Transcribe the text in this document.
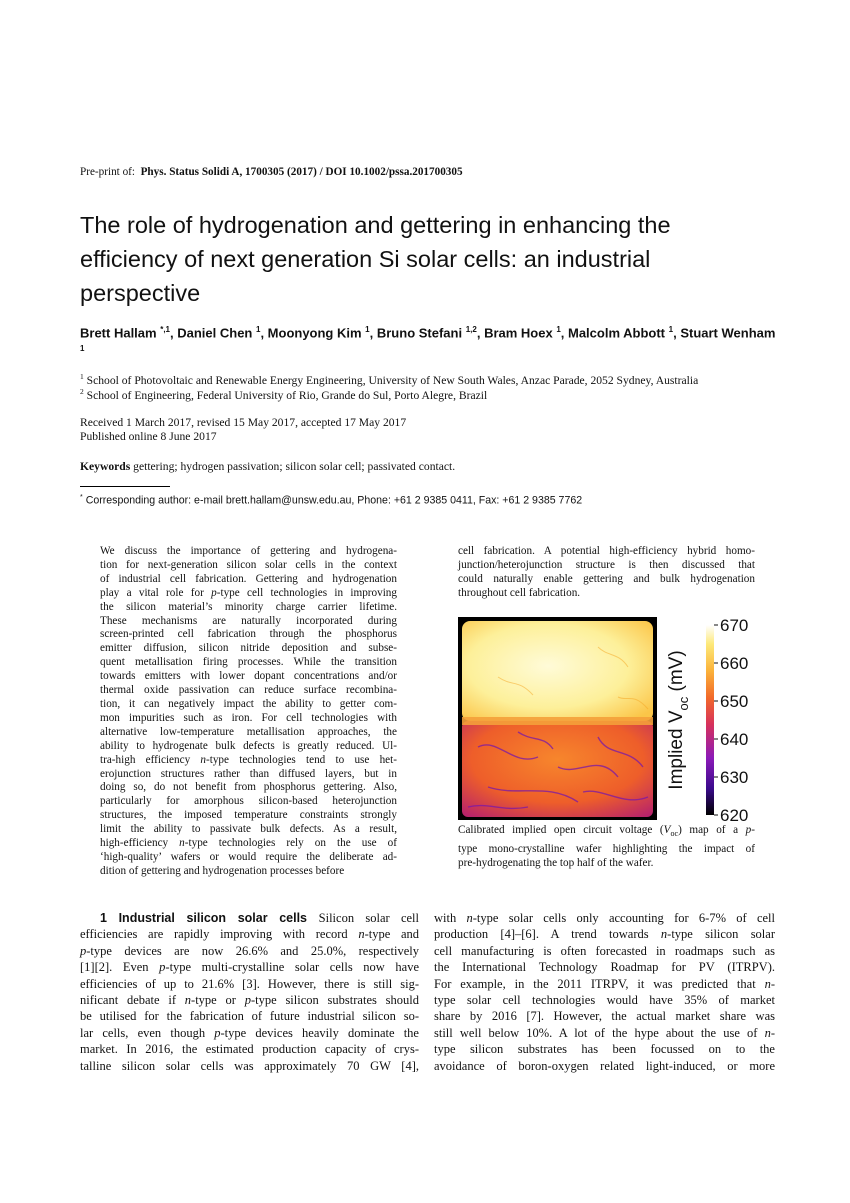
Pre-print of: Phys. Status Solidi A, 1700305 (2017) / DOI 10.1002/pssa.201700305
The role of hydrogenation and gettering in enhancing the efficiency of next generation Si solar cells: an industrial perspective
Brett Hallam $^{*,1}$, Daniel Chen $^1$, Moonyong Kim $^1$, Bruno Stefani $^{1,2}$, Bram Hoex $^1$, Malcolm Abbott $^1$, Stuart Wenham $^1$
$^1$ School of Photovoltaic and Renewable Energy Engineering, University of New South Wales, Anzac Parade, 2052 Sydney, Australia
$^2$ School of Engineering, Federal University of Rio, Grande do Sul, Porto Alegre, Brazil
Received 1 March 2017, revised 15 May 2017, accepted 17 May 2017
Published online 8 June 2017
Keywords gettering; hydrogen passivation; silicon solar cell; passivated contact.
* Corresponding author: e-mail brett.hallam@unsw.edu.au, Phone: +61 2 9385 0411, Fax: +61 2 9385 7762
We discuss the importance of gettering and hydrogena-
tion for next-generation silicon solar cells in the context
of industrial cell fabrication. Gettering and hydrogenation
play a vital role for p-type cell technologies in improving
the silicon material’s minority charge carrier lifetime.
These mechanisms are naturally incorporated during
screen-printed cell fabrication through the phosphorus
emitter diffusion, silicon nitride deposition and subse-
quent metallisation firing processes. While the transition
towards emitters with lower dopant concentrations and/or
thermal oxide passivation can reduce surface recombina-
tion, it can negatively impact the ability to getter com-
mon impurities such as iron. For cell technologies with
alternative low-temperature metallisation approaches, the
ability to hydrogenate bulk defects is greatly reduced. Ul-
tra-high efficiency n-type technologies tend to use het-
erojunction structures rather than diffused layers, but in
doing so, do not benefit from phosphorus gettering. Also,
particularly for amorphous silicon-based heterojunction
structures, the imposed temperature constraints strongly
limit the ability to passivate bulk defects. As a result,
high-efficiency n-type technologies rely on the use of
‘high-quality’ wafers or would require the deliberate ad-
dition of gettering and hydrogenation processes before
cell fabrication. A potential high-efficiency hybrid homo-
junction/heterojunction structure is then discussed that
could naturally enable gettering and bulk hydrogenation
throughout cell fabrication.
Implied $V_{oc}$ (mV)
670
660
650
640
630
620
Calibrated implied open circuit voltage $(V_{oc})$ map of a p-
type mono-crystalline wafer highlighting the impact of
pre-hydrogenating the top half of the wafer.
1 Industrial silicon solar cells Silicon solar cell
efficiencies are rapidly improving with record n-type and
p-type devices are now 26.6% and 25.0%, respectively
[1][2]. Even p-type multi-crystalline solar cells now have
efficiencies of up to 21.6% [3]. However, there is still sig-
nificant debate if n-type or p-type silicon substrates should
be utilised for the fabrication of future industrial silicon so-
lar cells, even though p-type devices heavily dominate the
market. In 2016, the estimated production capacity of crys-
talline silicon solar cells was approximately 70 GW [4],
with n-type solar cells only accounting for 6-7% of cell
production [4]–[6]. A trend towards n-type silicon solar
cell manufacturing is often forecasted in roadmaps such as
the International Technology Roadmap for PV (ITRPV).
For example, in the 2011 ITRPV, it was predicted that n-
type solar cell technologies would have 35% of market
share by 2016 [7]. However, the actual market share was
still well below 10%. A lot of the hype about the use of n-
type silicon substrates has been focussed on to the
avoidance of boron-oxygen related light-induced, or more
